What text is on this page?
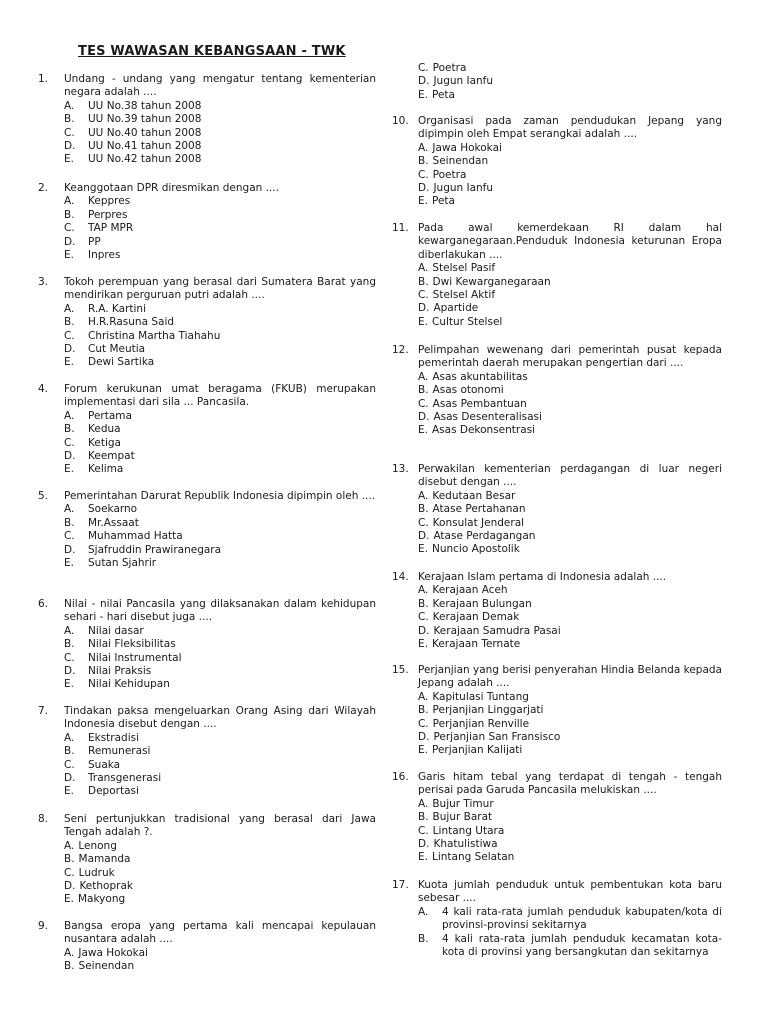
TES WAWASAN KEBANGSAAN - TWK
1. Undang - undang yang mengatur tentang kementerian negara adalah ....
A. UU No.38 tahun 2008
B. UU No.39 tahun 2008
C. UU No.40 tahun 2008
D. UU No.41 tahun 2008
E. UU No.42 tahun 2008
2. Keanggotaan DPR diresmikan dengan ....
A. Keppres
B. Perpres
C. TAP MPR
D. PP
E. Inpres
3. Tokoh perempuan yang berasal dari Sumatera Barat yang mendirikan perguruan putri adalah ....
A. R.A. Kartini
B. H.R.Rasuna Said
C. Christina Martha Tiahahu
D. Cut Meutia
E. Dewi Sartika
4. Forum kerukunan umat beragama (FKUB) merupakan implementasi dari sila ... Pancasila.
A. Pertama
B. Kedua
C. Ketiga
D. Keempat
E. Kelima
5. Pemerintahan Darurat Republik Indonesia dipimpin oleh ....
A. Soekarno
B. Mr.Assaat
C. Muhammad Hatta
D. Sjafruddin Prawiranegara
E. Sutan Sjahrir
6. Nilai - nilai Pancasila yang dilaksanakan dalam kehidupan sehari - hari disebut juga ....
A. Nilai dasar
B. Nilai Fleksibilitas
C. Nilai Instrumental
D. Nilai Praksis
E. Nilai Kehidupan
7. Tindakan paksa mengeluarkan Orang Asing dari Wilayah Indonesia disebut dengan ....
A. Ekstradisi
B. Remunerasi
C. Suaka
D. Transgenerasi
E. Deportasi
8. Seni pertunjukkan tradisional yang berasal dari Jawa Tengah adalah ?.
A. Lenong
B. Mamanda
C. Ludruk
D. Kethoprak
E. Makyong
9. Bangsa eropa yang pertama kali mencapai kepulauan nusantara adalah ....
A. Jawa Hokokai
B. Seinendan
10. Organisasi pada zaman pendudukan Jepang yang dipimpin oleh Empat serangkai adalah ....
A. Jawa Hokokai
B. Seinendan
C. Poetra
D. Jugun Ianfu
E. Peta
11. Pada awal kemerdekaan RI dalam hal kewarganegaraan.Penduduk Indonesia keturunan Eropa diberlakukan ....
A. Stelsel Pasif
B. Dwi Kewarganegaraan
C. Stelsel Aktif
D. Apartide
E. Cultur Stelsel
12. Pelimpahan wewenang dari pemerintah pusat kepada pemerintah daerah merupakan pengertian dari ....
A. Asas akuntabilitas
B. Asas otonomi
C. Asas Pembantuan
D. Asas Desenteralisasi
E. Asas Dekonsentrasi
13. Perwakilan kementerian perdagangan di luar negeri disebut dengan ....
A. Kedutaan Besar
B. Atase Pertahanan
C. Konsulat Jenderal
D. Atase Perdagangan
E. Nuncio Apostolik
14. Kerajaan Islam pertama di Indonesia adalah ....
A. Kerajaan Aceh
B. Kerajaan Bulungan
C. Kerajaan Demak
D. Kerajaan Samudra Pasai
E. Kerajaan Ternate
15. Perjanjian yang berisi penyerahan Hindia Belanda kepada Jepang adalah ....
A. Kapitulasi Tuntang
B. Perjanjian Linggarjati
C. Perjanjian Renville
D. Perjanjian San Fransisco
E. Perjanjian Kalijati
16. Garis hitam tebal yang terdapat di tengah - tengah perisai pada Garuda Pancasila melukiskan ....
A. Bujur Timur
B. Bujur Barat
C. Lintang Utara
D. Khatulistiwa
E. Lintang Selatan
17. Kuota jumlah penduduk untuk pembentukan kota baru sebesar ....
A.	4 kali rata-rata jumlah penduduk kabupaten/kota di provinsi-provinsi sekitarnya
B.	4 kali rata-rata jumlah penduduk kecamatan kota-kota di provinsi yang bersangkutan dan sekitarnya
C. Poetra
D. Jugun Ianfu
E. Peta
